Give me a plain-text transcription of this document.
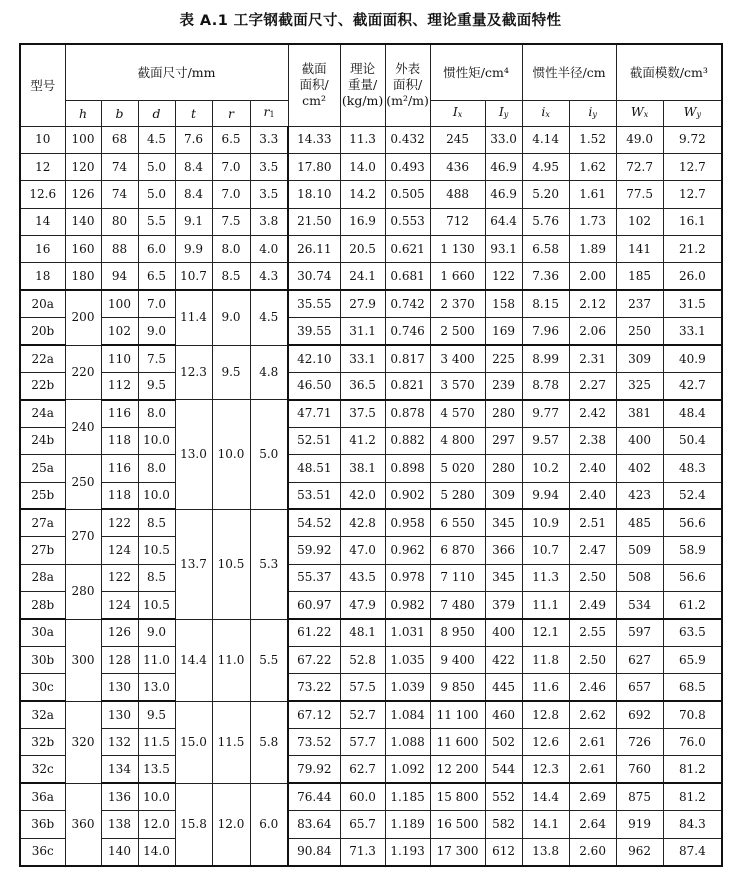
表 A.1 工字钢截面尺寸、截面面积、理论重量及截面特性
型号	截面尺寸/mm						截面
面积/
cm²	理论
重量/
(kg/m)	外表
面积/
(m²/m)	惯性矩/cm⁴		惯性半径/cm		截面模数/cm³	
	h	b	d	t	r	r1				Ix	Iy	ix	iy	Wx	Wy
10	100	68	4.5	7.6	6.5	3.3	14.33	11.3	0.432	245	33.0	4.14	1.52	49.0	9.72
12	120	74	5.0	8.4	7.0	3.5	17.80	14.0	0.493	436	46.9	4.95	1.62	72.7	12.7
12.6	126	74	5.0	8.4	7.0	3.5	18.10	14.2	0.505	488	46.9	5.20	1.61	77.5	12.7
14	140	80	5.5	9.1	7.5	3.8	21.50	16.9	0.553	712	64.4	5.76	1.73	102	16.1
16	160	88	6.0	9.9	8.0	4.0	26.11	20.5	0.621	1 130	93.1	6.58	1.89	141	21.2
18	180	94	6.5	10.7	8.5	4.3	30.74	24.1	0.681	1 660	122	7.36	2.00	185	26.0
20a	200	100	7.0	11.4	9.0	4.5	35.55	27.9	0.742	2 370	158	8.15	2.12	237	31.5
20b		102	9.0				39.55	31.1	0.746	2 500	169	7.96	2.06	250	33.1
22a	220	110	7.5	12.3	9.5	4.8	42.10	33.1	0.817	3 400	225	8.99	2.31	309	40.9
22b		112	9.5				46.50	36.5	0.821	3 570	239	8.78	2.27	325	42.7
24a	240	116	8.0	13.0	10.0	5.0	47.71	37.5	0.878	4 570	280	9.77	2.42	381	48.4
24b		118	10.0				52.51	41.2	0.882	4 800	297	9.57	2.38	400	50.4
25a	250	116	8.0				48.51	38.1	0.898	5 020	280	10.2	2.40	402	48.3
25b		118	10.0				53.51	42.0	0.902	5 280	309	9.94	2.40	423	52.4
27a	270	122	8.5	13.7	10.5	5.3	54.52	42.8	0.958	6 550	345	10.9	2.51	485	56.6
27b		124	10.5				59.92	47.0	0.962	6 870	366	10.7	2.47	509	58.9
28a	280	122	8.5				55.37	43.5	0.978	7 110	345	11.3	2.50	508	56.6
28b		124	10.5				60.97	47.9	0.982	7 480	379	11.1	2.49	534	61.2
30a	300	126	9.0	14.4	11.0	5.5	61.22	48.1	1.031	8 950	400	12.1	2.55	597	63.5
30b		128	11.0				67.22	52.8	1.035	9 400	422	11.8	2.50	627	65.9
30c		130	13.0				73.22	57.5	1.039	9 850	445	11.6	2.46	657	68.5
32a	320	130	9.5	15.0	11.5	5.8	67.12	52.7	1.084	11 100	460	12.8	2.62	692	70.8
32b		132	11.5				73.52	57.7	1.088	11 600	502	12.6	2.61	726	76.0
32c		134	13.5				79.92	62.7	1.092	12 200	544	12.3	2.61	760	81.2
36a	360	136	10.0	15.8	12.0	6.0	76.44	60.0	1.185	15 800	552	14.4	2.69	875	81.2
36b		138	12.0				83.64	65.7	1.189	16 500	582	14.1	2.64	919	84.3
36c		140	14.0				90.84	71.3	1.193	17 300	612	13.8	2.60	962	87.4
